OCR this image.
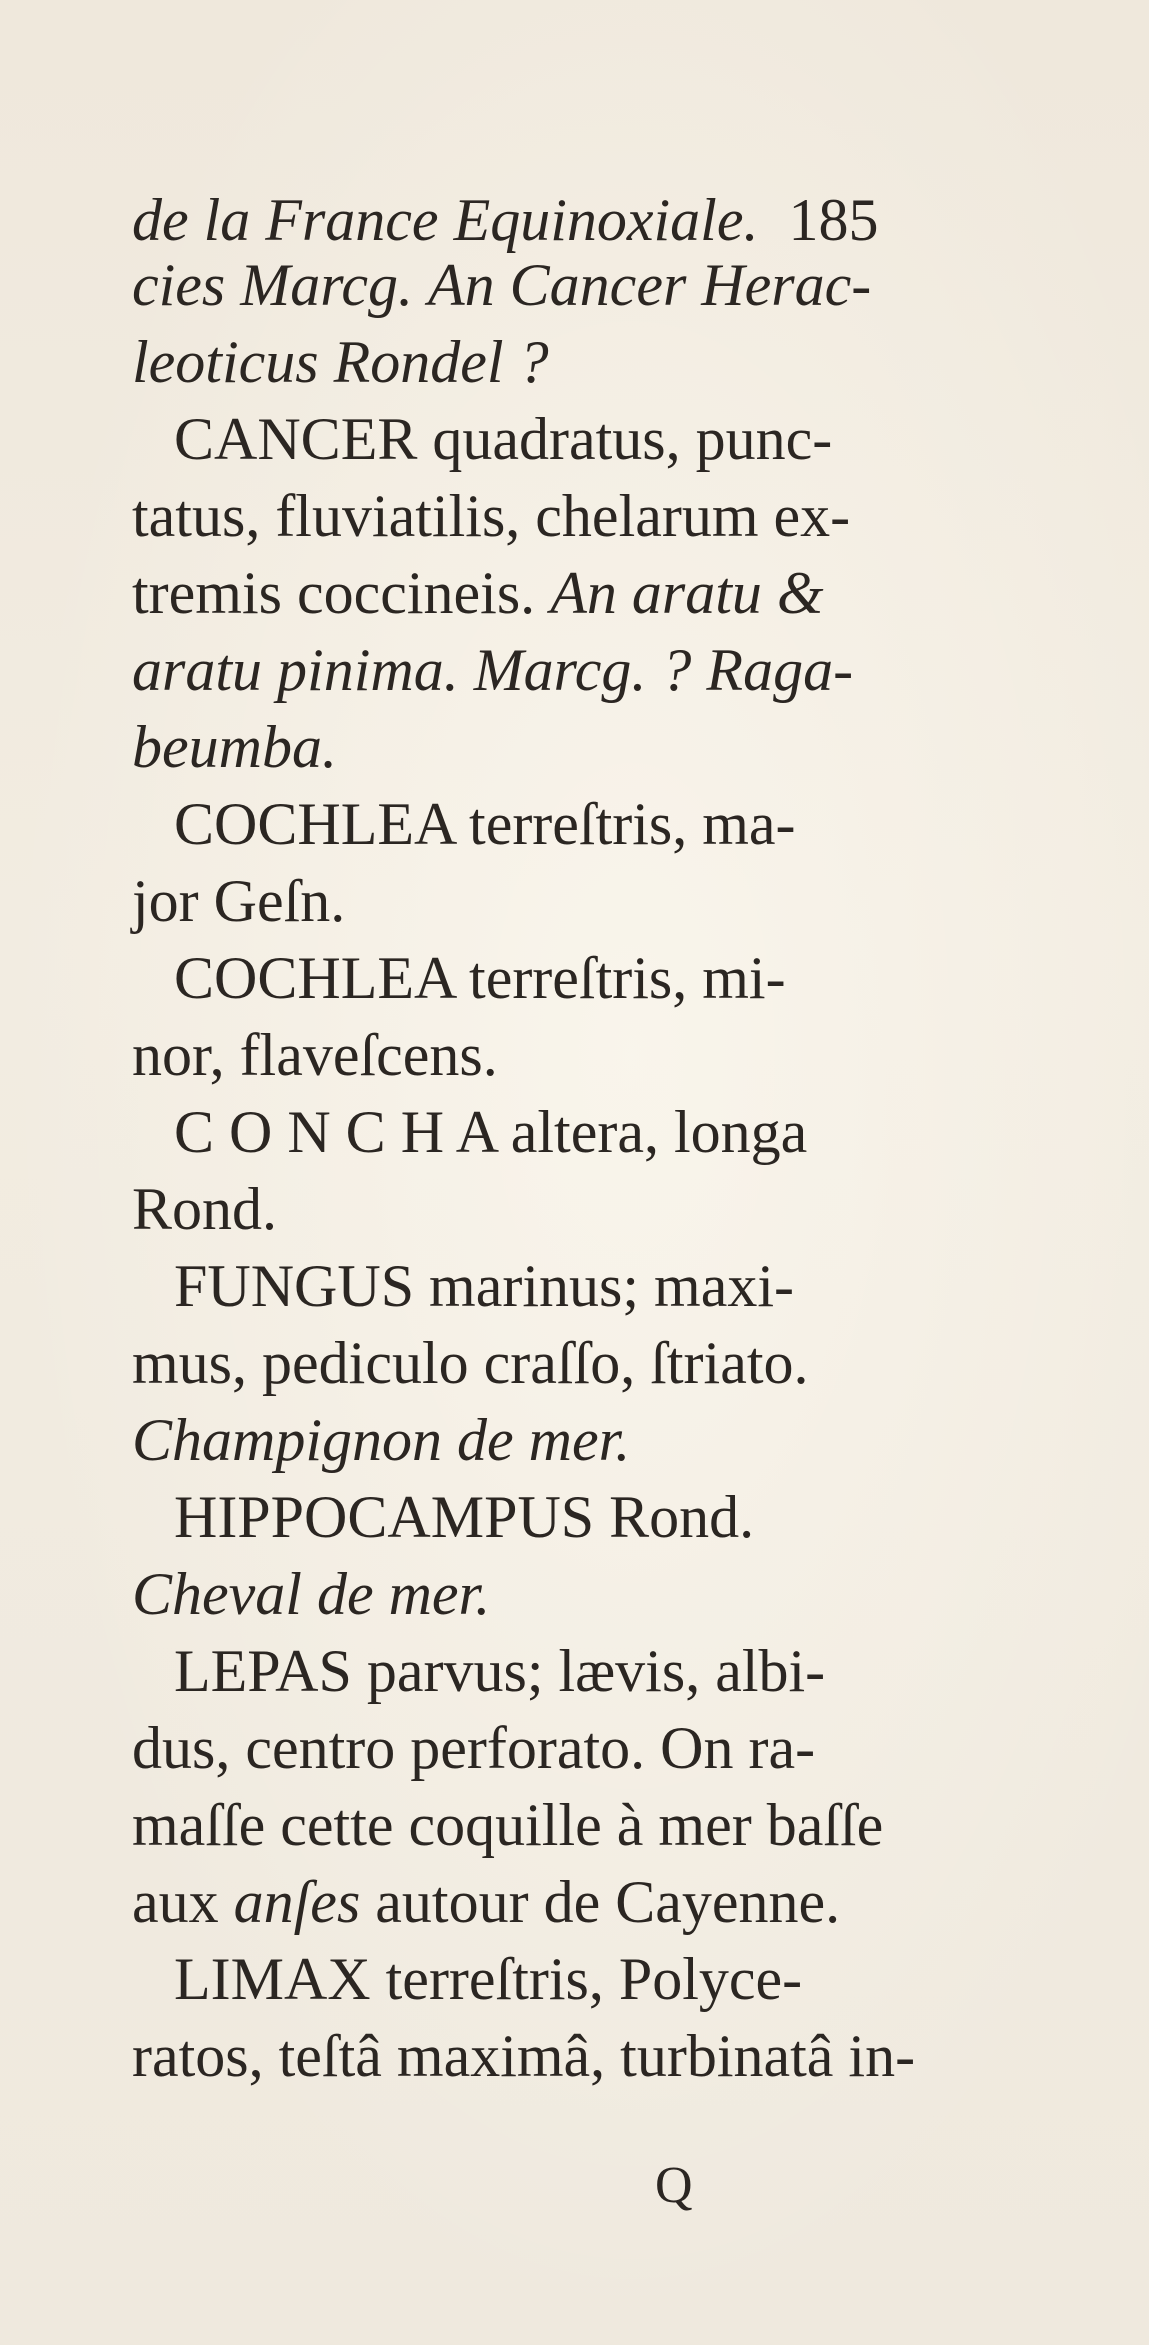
de la France Equinoxiale. 185
cies Marcg. An Cancer Herac-
leoticus Rondel ?
CANCER quadratus, punc-
tatus, fluviatilis, chelarum ex-
tremis coccineis. An aratu &
aratu pinima. Marcg. ? Raga-
beumba.
COCHLEA terreſtris, ma-
jor Geſn.
COCHLEA terreſtris, mi-
nor, flaveſcens.
C O N C H A altera, longa
Rond.
FUNGUS marinus; maxi-
mus, pediculo craſſo, ſtriato.
Champignon de mer.
HIPPOCAMPUS Rond.
Cheval de mer.
LEPAS parvus; lævis, albi-
dus, centro perforato. On ra-
maſſe cette coquille à mer baſſe
aux anſes autour de Cayenne.
LIMAX terreſtris, Polyce-
ratos, teſtâ maximâ, turbinatâ in-
Q
